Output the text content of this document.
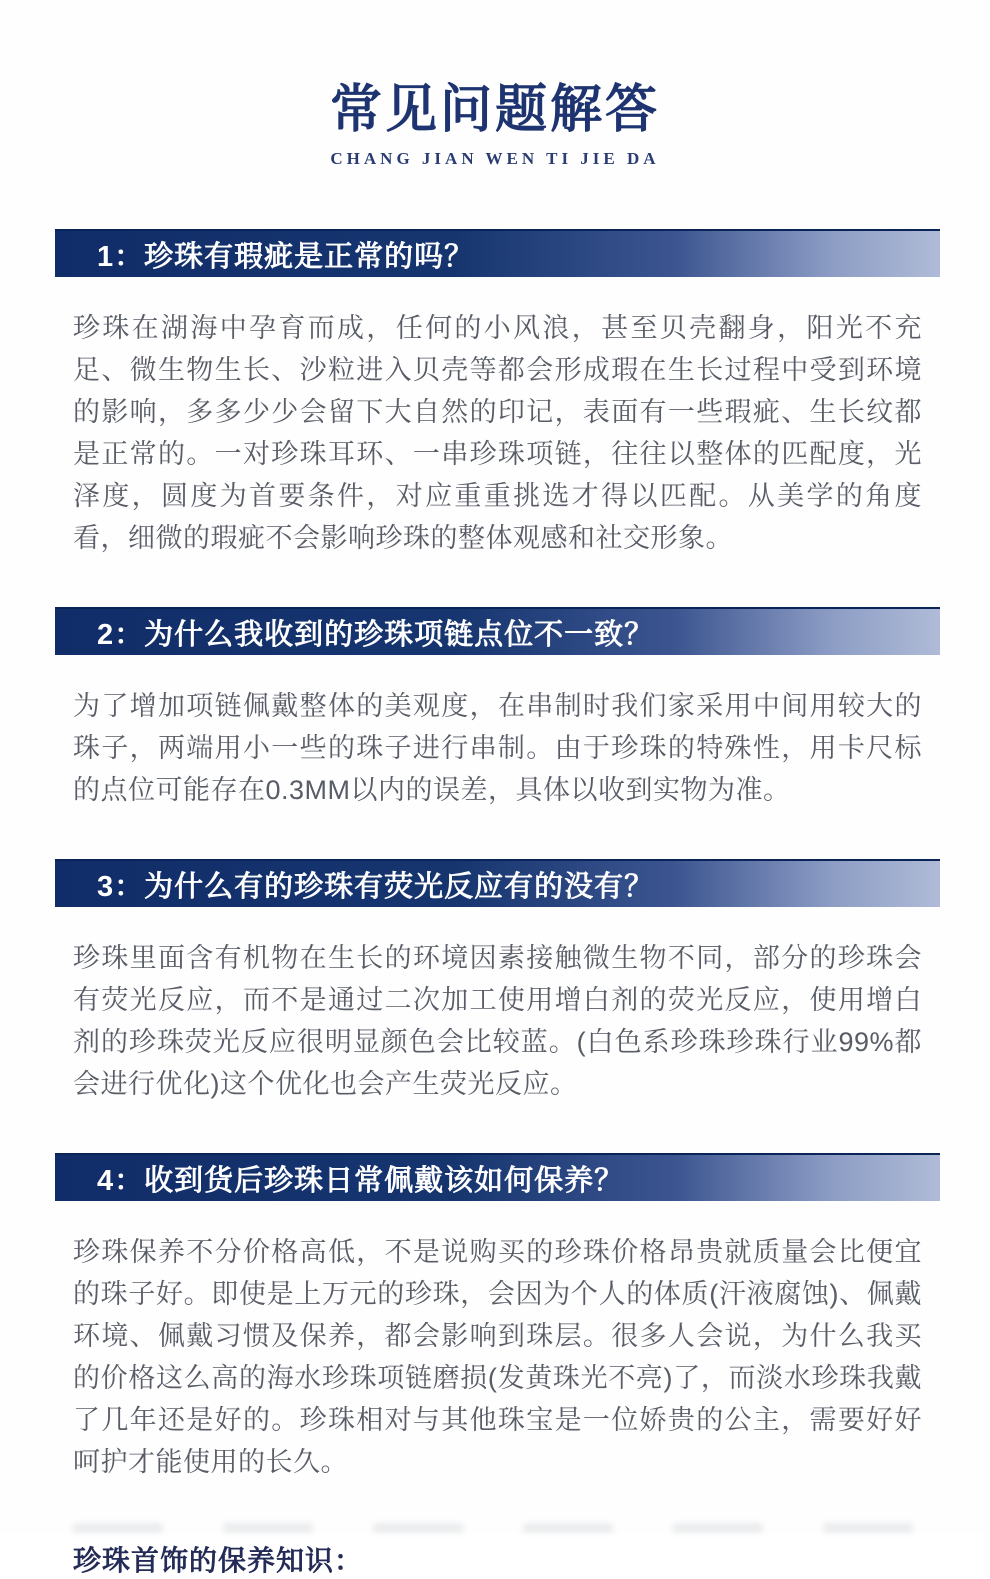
常见问题解答
CHANG JIAN WEN TI JIE DA
1：珍珠有瑕疵是正常的吗？

珍珠在湖海中孕育而成，任何的小风浪，甚至贝壳翻身，阳光不充足、微生物生长、沙粒进入贝壳等都会形成瑕在生长过程中受到环境的影响，多多少少会留下大自然的印记，表面有一些瑕疵、生长纹都是正常的。一对珍珠耳环、一串珍珠项链，往往以整体的匹配度，光泽度，圆度为首要条件，对应重重挑选才得以匹配。从美学的角度看，细微的瑕疵不会影响珍珠的整体观感和社交形象。

2：为什么我收到的珍珠项链点位不一致？

为了增加项链佩戴整体的美观度，在串制时我们家采用中间用较大的珠子，两端用小一些的珠子进行串制。由于珍珠的特殊性，用卡尺标的点位可能存在0.3MM以内的误差，具体以收到实物为准。

3：为什么有的珍珠有荧光反应有的没有？

珍珠里面含有机物在生长的环境因素接触微生物不同，部分的珍珠会有荧光反应，而不是通过二次加工使用增白剂的荧光反应，使用增白剂的珍珠荧光反应很明显颜色会比较蓝。(白色系珍珠珍珠行业99%都会进行优化)这个优化也会产生荧光反应。

4：收到货后珍珠日常佩戴该如何保养？

珍珠保养不分价格高低，不是说购买的珍珠价格昂贵就质量会比便宜的珠子好。即使是上万元的珍珠，会因为个人的体质(汗液腐蚀)、佩戴环境、佩戴习惯及保养，都会影响到珠层。很多人会说，为什么我买的价格这么高的海水珍珠项链磨损(发黄珠光不亮)了，而淡水珍珠我戴了几年还是好的。珍珠相对与其他珠宝是一位娇贵的公主，需要好好呵护才能使用的长久。

珍珠首饰的保养知识：
